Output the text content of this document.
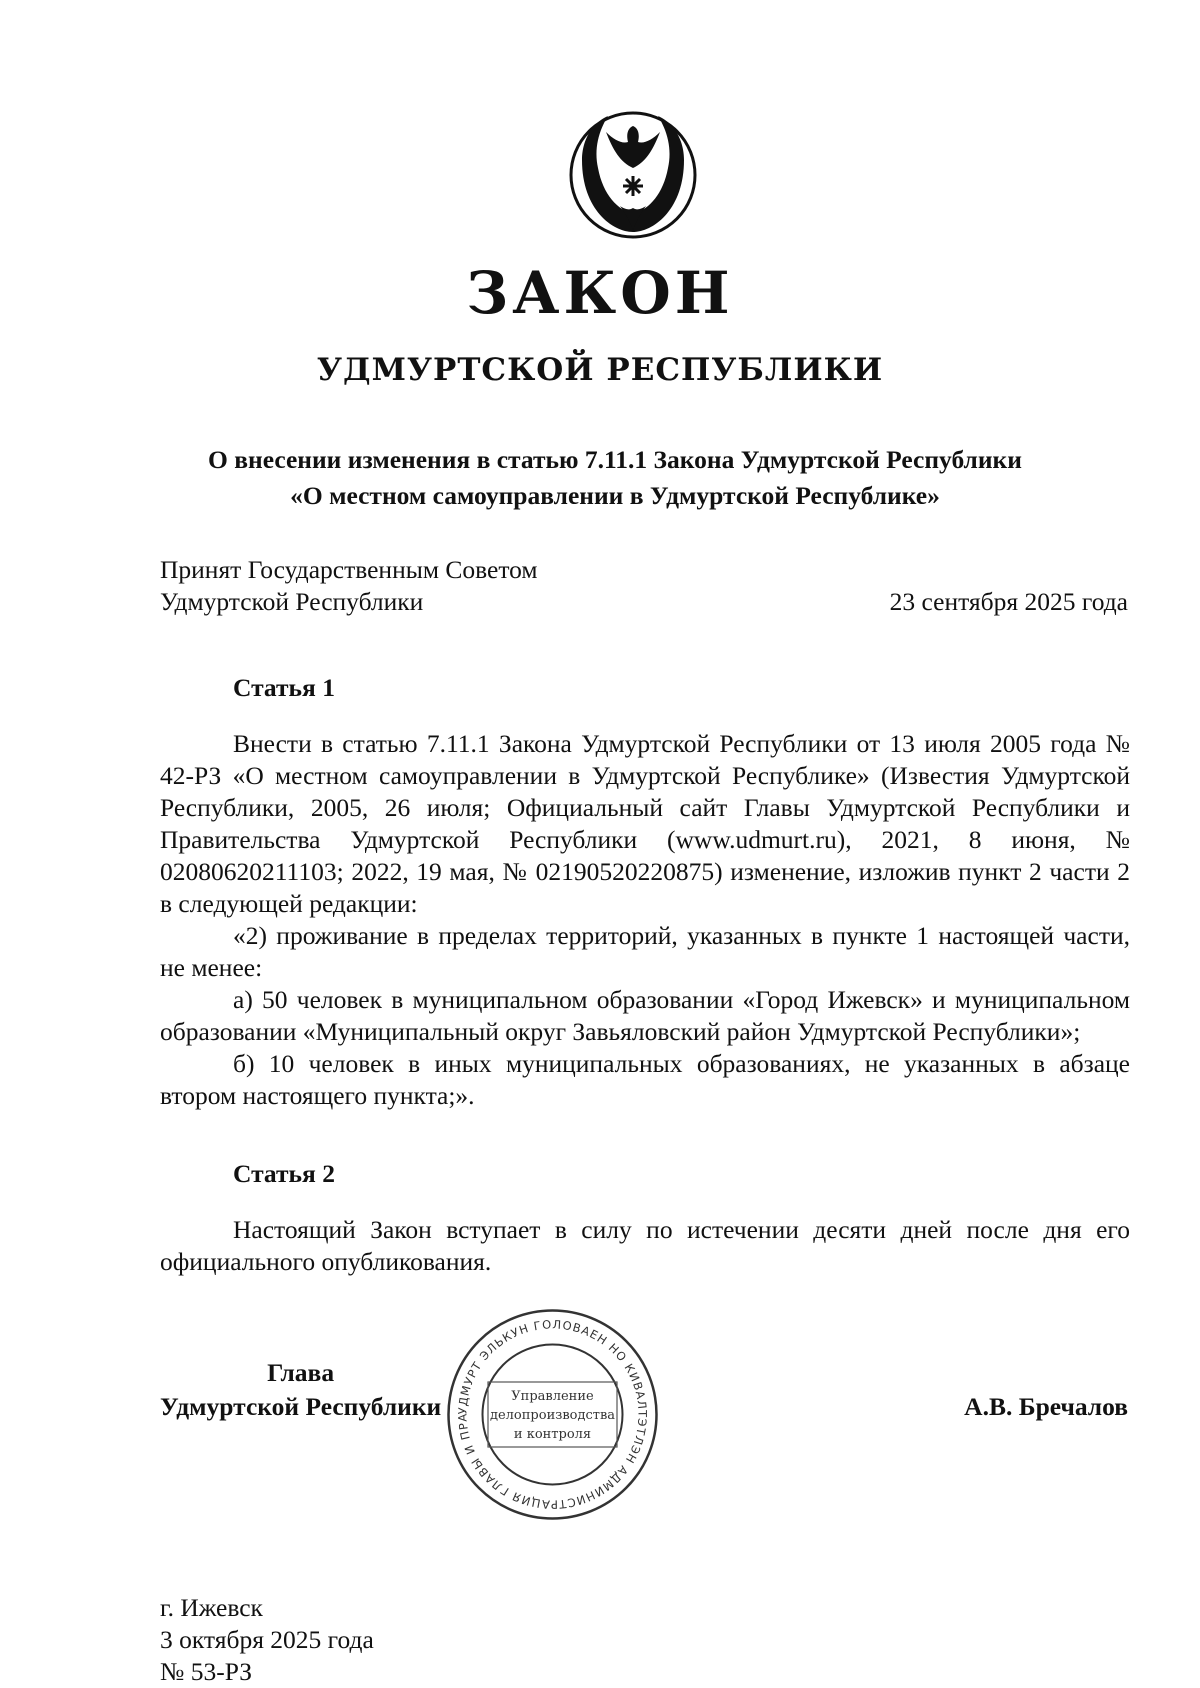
ЗАКОН
УДМУРТСКОЙ РЕСПУБЛИКИ
О внесении изменения в статью 7.11.1 Закона Удмуртской Республики
«О местном самоуправлении в Удмуртской Республике»
Принят Государственным Советом
Удмуртской Республики	23 сентября 2025 года
Статья 1

Внести в статью 7.11.1 Закона Удмуртской Республики от 13 июля 2005 года № 42-РЗ «О местном самоуправлении в Удмуртской Республике» (Известия Удмуртской Республики, 2005, 26 июля; Официальный сайт Главы Удмуртской Республики и Правительства Удмуртской Республики (www.udmurt.ru), 2021, 8 июня, № 02080620211103; 2022, 19 мая, № 02190520220875) изменение, изложив пункт 2 части 2 в следующей редакции:

«2) проживание в пределах территорий, указанных в пункте 1 настоящей части, не менее:

а) 50 человек в муниципальном образовании «Город Ижевск» и муниципальном образовании «Муниципальный округ Завьяловский район Удмуртской Республики»;

б) 10 человек в иных муниципальных образованиях, не указанных в абзаце втором настоящего пункта;».

Статья 2

Настоящий Закон вступает в силу по истечении десяти дней после дня его официального опубликования.

Глава
Удмуртской Республики	А.В. Бречалов
УДМУРТ ЭЛЬКУН ГОЛОВАЕН НО КИВАЛТЭТЛЭН АДМИНИСТРАЦИЯ ГЛАВЫ И ПРА
Управление
делопроизводства
и контроля
г. Ижевск
3 октября 2025 года
№ 53-РЗ
